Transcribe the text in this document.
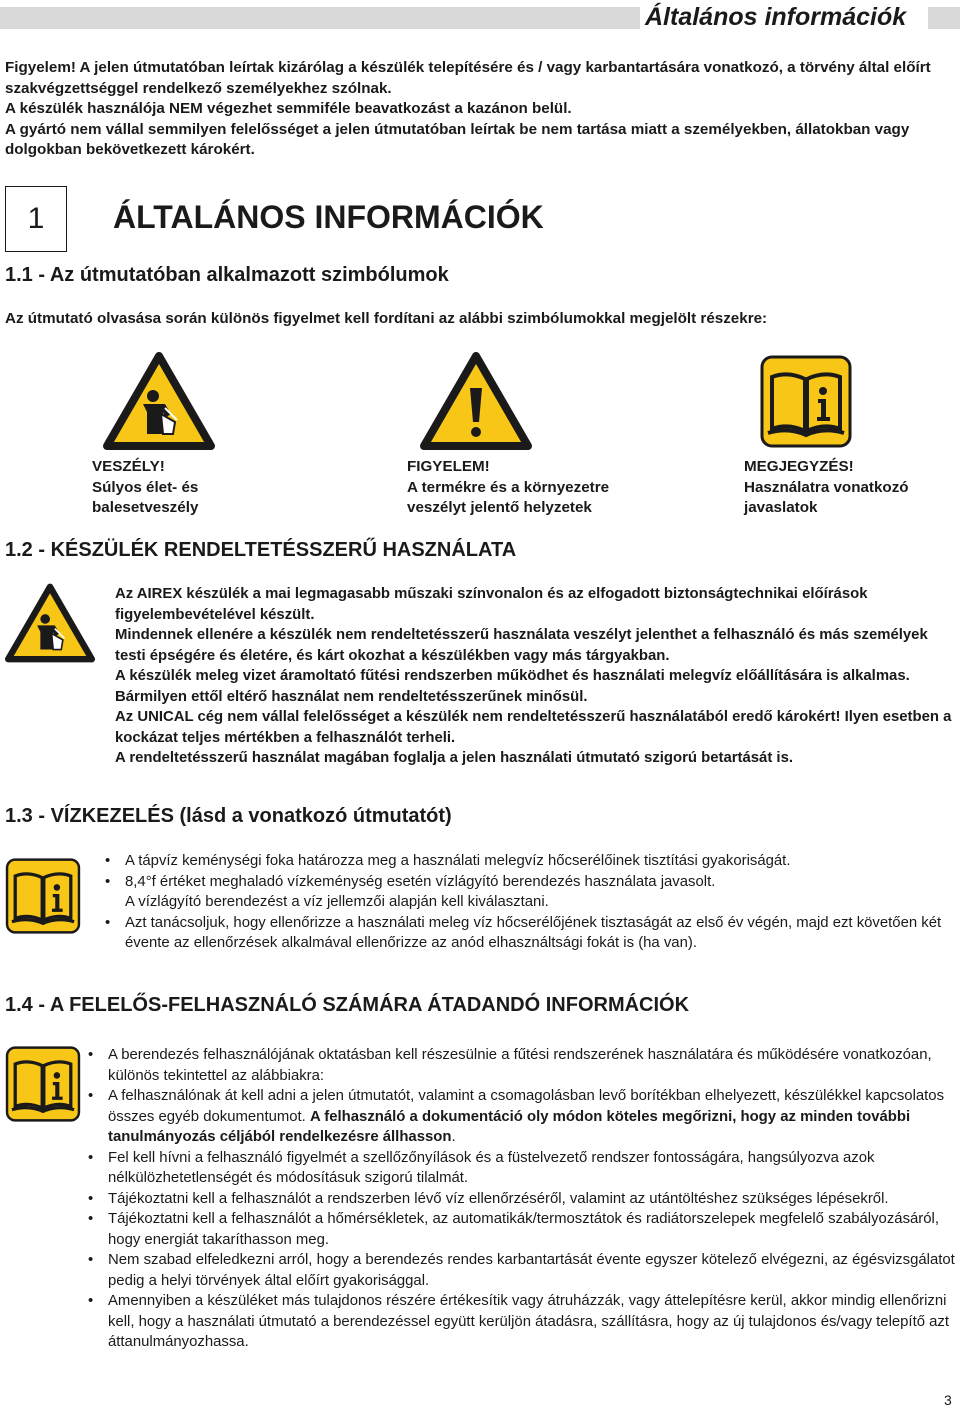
Általános információk

Figyelem! A jelen útmutatóban leírtak kizárólag a készülék telepítésére és / vagy karbantartására vonatkozó, a törvény által előírt szakvégzettséggel rendelkező személyekhez szólnak.

A készülék használója NEM végezhet semmiféle beavatkozást a kazánon belül.

A gyártó nem vállal semmilyen felelősséget a jelen útmutatóban leírtak be nem tartása miatt a személyekben, állatokban vagy dolgokban bekövetkezett károkért.

1 ÁLTALÁNOS INFORMÁCIÓK
1.1 - Az útmutatóban alkalmazott szimbólumok
Az útmutató olvasása során különös figyelmet kell fordítani az alábbi szimbólumokkal megjelölt részekre:
VESZÉLY!
Súlyos élet- és
balesetveszély
FIGYELEM!
A termékre és a környezetre
veszélyt jelentő helyzetek
MEGJEGYZÉS!
Használatra vonatkozó
javaslatok
1.2 - KÉSZÜLÉK RENDELTETÉSSZERŰ HASZNÁLATA

Az AIREX készülék a mai legmagasabb műszaki színvonalon és az elfogadott biztonságtechnikai előírások figyelembevételével készült.

Mindennek ellenére a készülék nem rendeltetésszerű használata veszélyt jelenthet a felhasználó és más személyek testi épségére és életére, és kárt okozhat a készülékben vagy más tárgyakban.

A készülék meleg vizet áramoltató fűtési rendszerben működhet és használati melegvíz előállítására is alkalmas. Bármilyen ettől eltérő használat nem rendeltetésszerűnek minősül.

Az UNICAL cég nem vállal felelősséget a készülék nem rendeltetésszerű használatából eredő károkért! Ilyen esetben a kockázat teljes mértékben a felhasználót terheli.

A rendeltetésszerű használat magában foglalja a jelen használati útmutató szigorú betartását is.

1.3 - VÍZKEZELÉS (lásd a vonatkozó útmutatót)
• A tápvíz keménységi foka határozza meg a használati melegvíz hőcserélőinek tisztítási gyakoriságát.
• 8,4°f értéket meghaladó vízkeménység esetén vízlágyító berendezés használata javasolt.
A vízlágyító berendezést a víz jellemzői alapján kell kiválasztani.
• Azt tanácsoljuk, hogy ellenőrizze a használati meleg víz hőcserélőjének tisztaságát az első év végén, majd ezt követően két évente az ellenőrzések alkalmával ellenőrizze az anód elhasználtsági fokát is (ha van).
1.4 - A FELELŐS-FELHASZNÁLÓ SZÁMÁRA ÁTADANDÓ INFORMÁCIÓK
• A berendezés felhasználójának oktatásban kell részesülnie a fűtési rendszerének használatára és működésére vonatkozóan, különös tekintettel az alábbiakra:
• A felhasználónak át kell adni a jelen útmutatót, valamint a csomagolásban levő borítékban elhelyezett, készülékkel kapcsolatos összes egyéb dokumentumot. A felhasználó a dokumentáció oly módon köteles megőrizni, hogy az minden további tanulmányozás céljából rendelkezésre állhasson.
• Fel kell hívni a felhasználó figyelmét a szellőzőnyílások és a füstelvezető rendszer fontosságára, hangsúlyozva azok nélkülözhetetlenségét és módosításuk szigorú tilalmát.
• Tájékoztatni kell a felhasználót a rendszerben lévő víz ellenőrzéséről, valamint az utántöltéshez szükséges lépésekről.
• Tájékoztatni kell a felhasználót a hőmérsékletek, az automatikák/termosztátok és radiátorszelepek megfelelő szabályozásáról, hogy energiát takaríthasson meg.
• Nem szabad elfeledkezni arról, hogy a berendezés rendes karbantartását évente egyszer kötelező elvégezni, az égésvizsgálatot pedig a helyi törvények által előírt gyakorisággal.
• Amennyiben a készüléket más tulajdonos részére értékesítik vagy átruházzák, vagy áttelepítésre kerül, akkor mindig ellenőrizni kell, hogy a használati útmutató a berendezéssel együtt kerüljön átadásra, szállításra, hogy az új tulajdonos és/vagy telepítő azt áttanulmányozhassa.
3
